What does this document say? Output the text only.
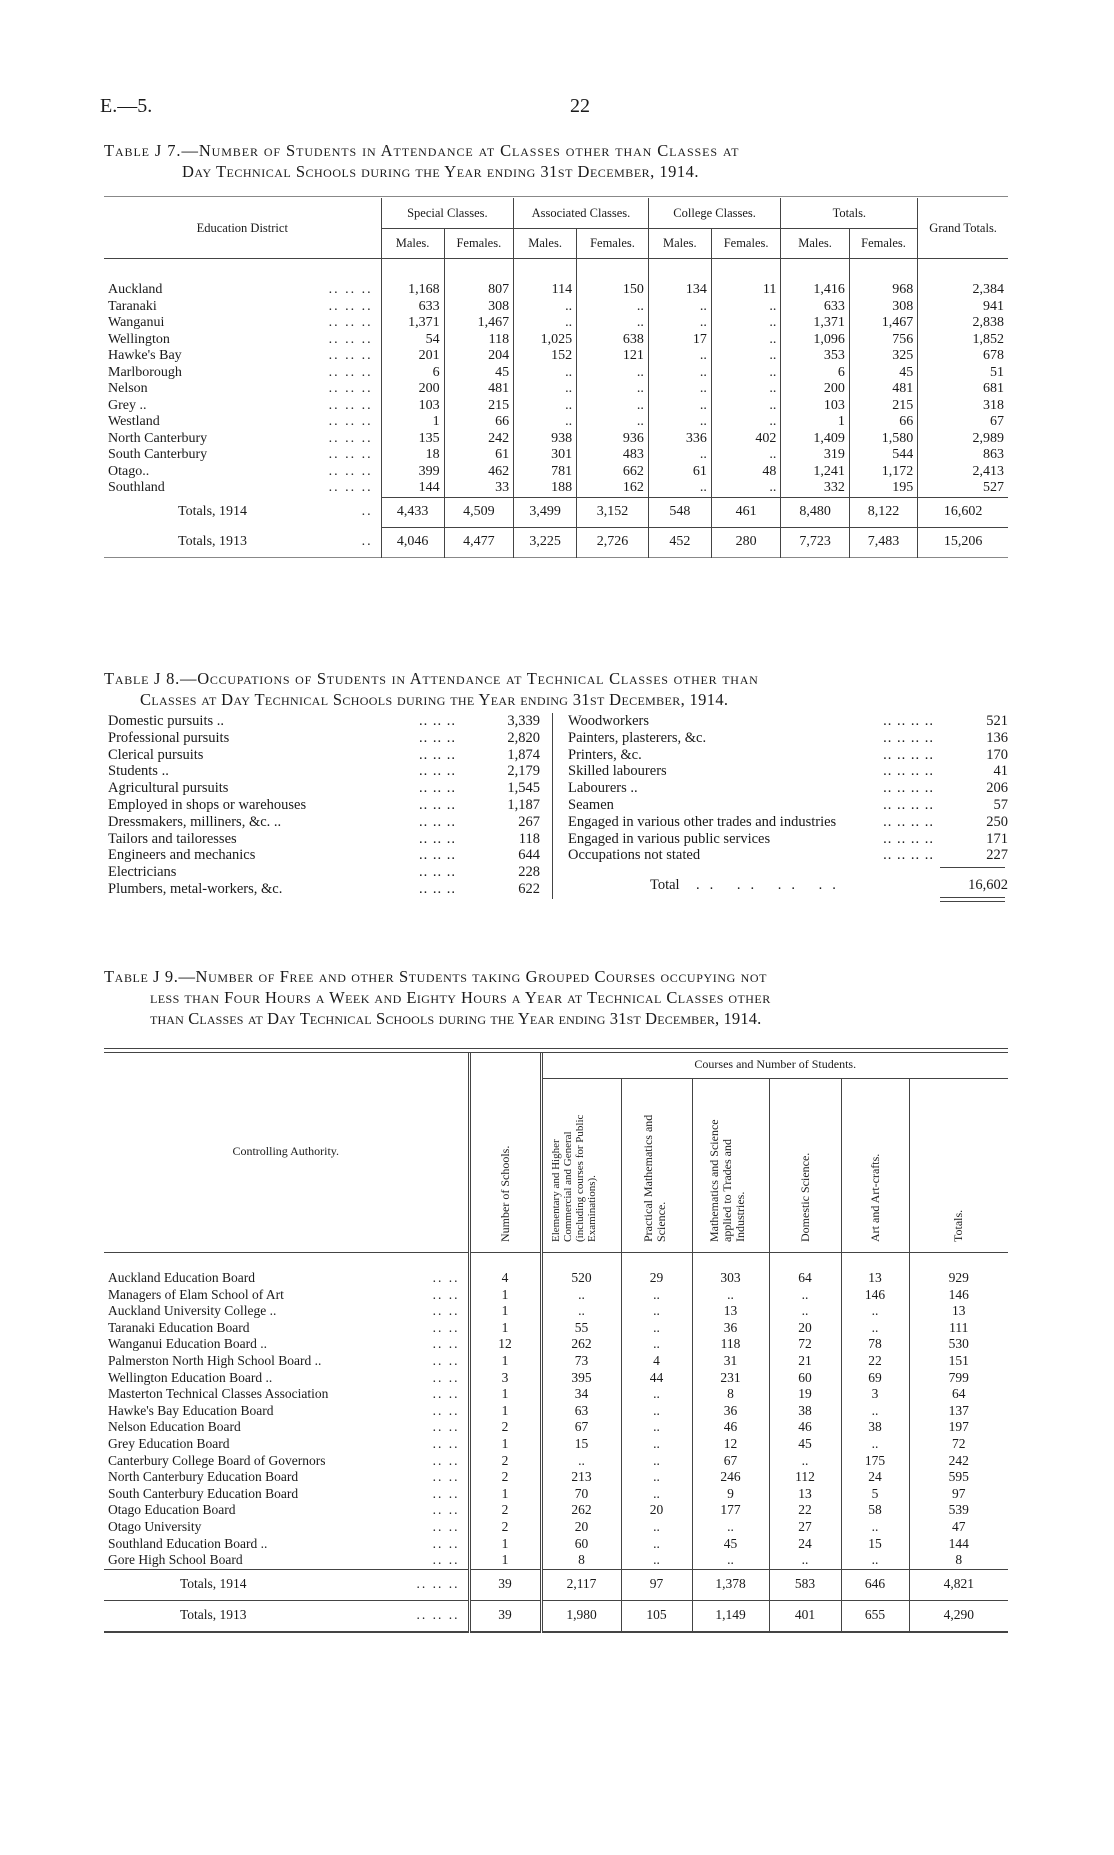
E.—5.	22
Table J 7.—Number of Students in Attendance at Classes other than Classes at
Day Technical Schools during the Year ending 31st December, 1914.
Education District	Special Classes.		Associated Classes.		College Classes.		Totals.		Grand Totals.
	Males.	Females.	Males.	Females.	Males.	Females.	Males.	Females.	

Auckland .. .. ..	1,168	807	114	150	134	11	1,416	968	2,384
Taranaki .. .. ..	633	308	..	..	..	..	633	308	941
Wanganui .. .. ..	1,371	1,467	..	..	..	..	1,371	1,467	2,838
Wellington .. .. ..	54	118	1,025	638	17	..	1,096	756	1,852
Hawke's Bay .. .. ..	201	204	152	121	..	..	353	325	678
Marlborough .. .. ..	6	45	..	..	..	..	6	45	51
Nelson .. .. ..	200	481	..	..	..	..	200	481	681
Grey .. .. .. ..	103	215	..	..	..	..	103	215	318
Westland .. .. ..	1	66	..	..	..	..	1	66	67
North Canterbury .. .. ..	135	242	938	936	336	402	1,409	1,580	2,989
South Canterbury .. .. ..	18	61	301	483	..	..	319	544	863
Otago.. .. .. ..	399	462	781	662	61	48	1,241	1,172	2,413
Southland .. .. ..	144	33	188	162	..	..	332	195	527
Totals, 1914 ..	4,433	4,509	3,499	3,152	548	461	8,480	8,122	16,602
Totals, 1913 ..	4,046	4,477	3,225	2,726	452	280	7,723	7,483	15,206
Table J 8.—Occupations of Students in Attendance at Technical Classes other than
Classes at Day Technical Schools during the Year ending 31st December, 1914.
Domestic pursuits .. .. .. ..	3,339
Professional pursuits .. .. ..	2,820
Clerical pursuits .. .. ..	1,874
Students .. .. .. ..	2,179
Agricultural pursuits .. .. ..	1,545
Employed in shops or warehouses .. .. ..	1,187
Dressmakers, milliners, &c. .. .. .. ..	267
Tailors and tailoresses .. .. ..	118
Engineers and mechanics .. .. ..	644
Electricians .. .. ..	228
Plumbers, metal-workers, &c. .. .. ..	622
Woodworkers .. .. .. ..	521
Painters, plasterers, &c. .. .. .. ..	136
Printers, &c. .. .. .. ..	170
Skilled labourers .. .. .. ..	41
Labourers .. .. .. .. ..	206
Seamen .. .. .. ..	57
Engaged in various other trades and industries .. .. .. ..	250
Engaged in various public services .. .. .. ..	171
Occupations not stated .. .. .. ..	227
Total .. .. .. ..	16,602
Table J 9.—Number of Free and other Students taking Grouped Courses occupying not
less than Four Hours a Week and Eighty Hours a Year at Technical Classes other
than Classes at Day Technical Schools during the Year ending 31st December, 1914.
Controlling Authority.	Number of Schools.	Courses and Number of Students.					
		Elementary and Higher Commercial and General (including courses for Public Examinations).	Practical Mathematics and Science.	Mathematics and Science applied to Trades and Industries.	Domestic Science.	Art and Art-crafts.	Totals.

Auckland Education Board .. ..	4	520	29	303	64	13	929
Managers of Elam School of Art .. ..	1	..	..	..	..	146	146
Auckland University College .. .. ..	1	..	..	13	..	..	13
Taranaki Education Board .. ..	1	55	..	36	20	..	111
Wanganui Education Board .. .. ..	12	262	..	118	72	78	530
Palmerston North High School Board .. .. ..	1	73	4	31	21	22	151
Wellington Education Board .. .. ..	3	395	44	231	60	69	799
Masterton Technical Classes Association .. ..	1	34	..	8	19	3	64
Hawke's Bay Education Board .. ..	1	63	..	36	38	..	137
Nelson Education Board .. ..	2	67	..	46	46	38	197
Grey Education Board .. ..	1	15	..	12	45	..	72
Canterbury College Board of Governors .. ..	2	..	..	67	..	175	242
North Canterbury Education Board .. ..	2	213	..	246	112	24	595
South Canterbury Education Board .. ..	1	70	..	9	13	5	97
Otago Education Board .. ..	2	262	20	177	22	58	539
Otago University .. ..	2	20	..	..	27	..	47
Southland Education Board .. .. ..	1	60	..	45	24	15	144
Gore High School Board .. ..	1	8	..	..	..	..	8
Totals, 1914 .. .. ..	39	2,117	97	1,378	583	646	4,821
Totals, 1913 .. .. ..	39	1,980	105	1,149	401	655	4,290
